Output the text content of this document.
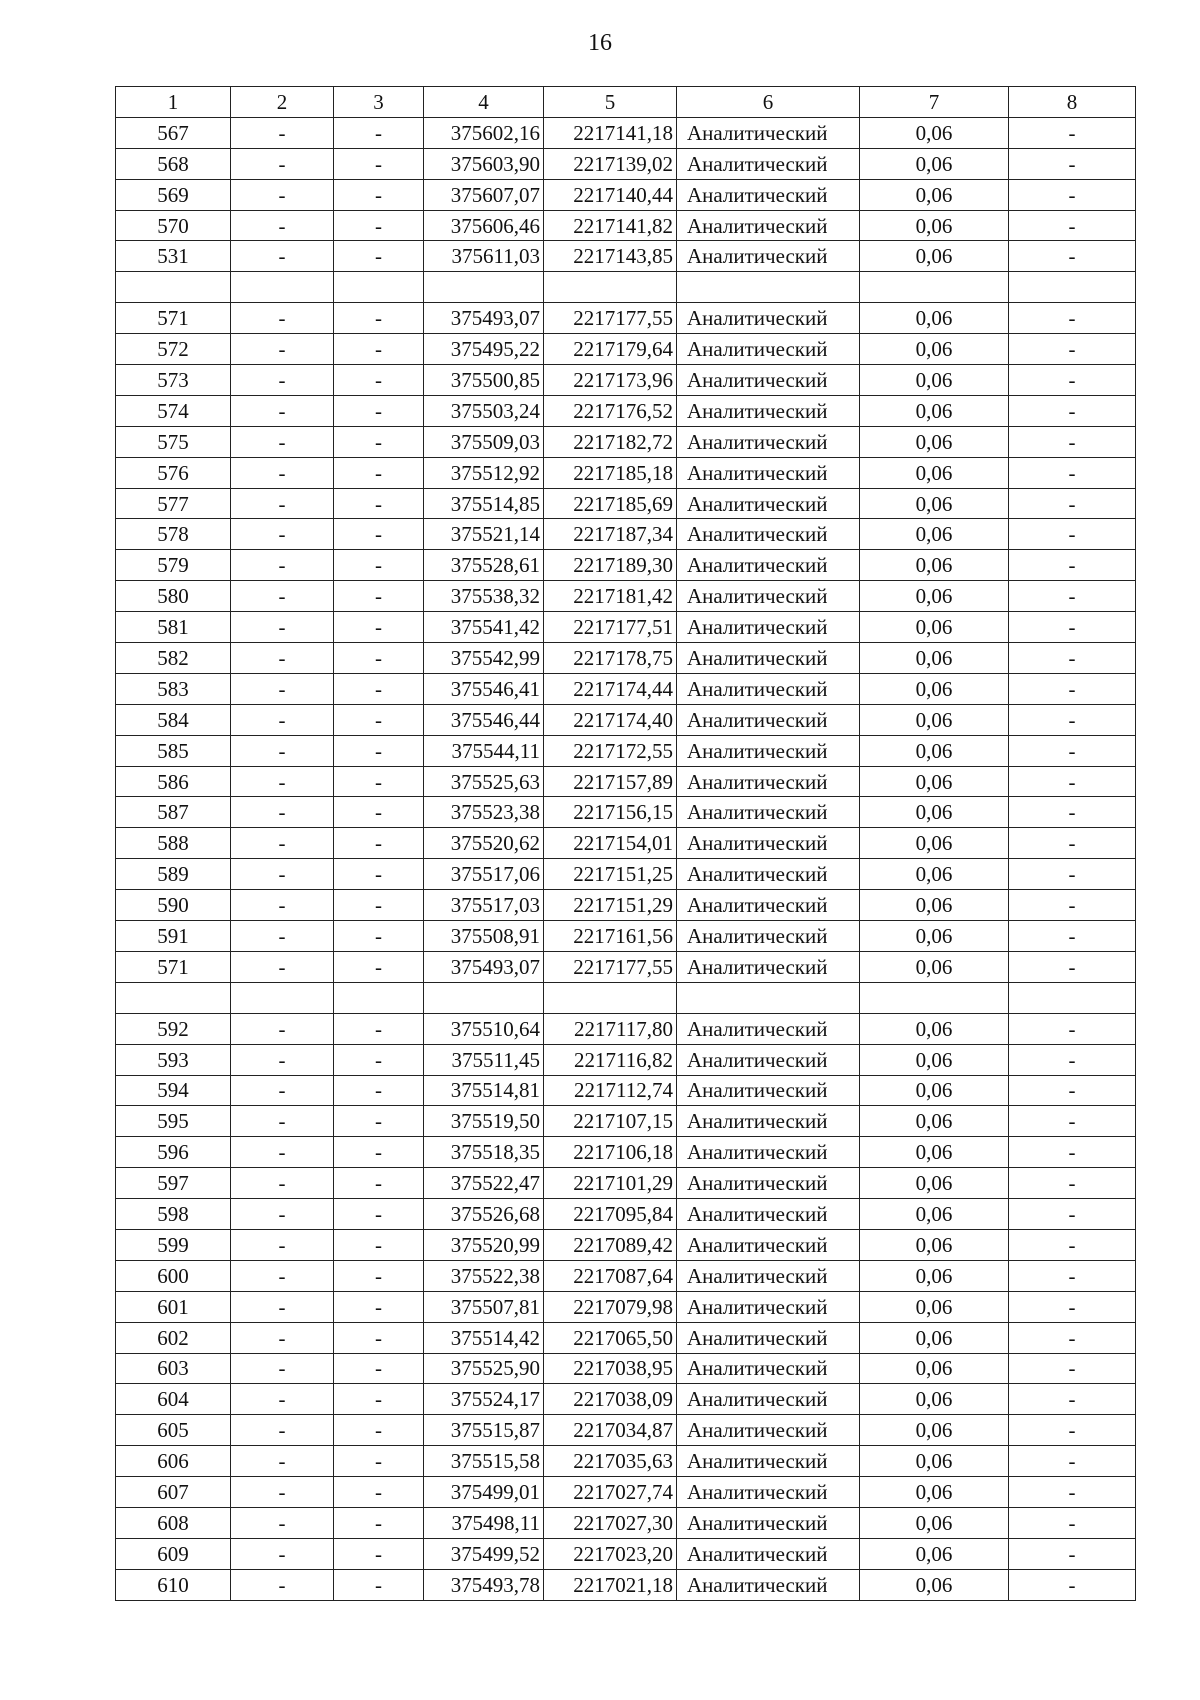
16
1	2	3	4	5	6	7	8
567	-	-	375602,16	2217141,18	Аналитический	0,06	-
568	-	-	375603,90	2217139,02	Аналитический	0,06	-
569	-	-	375607,07	2217140,44	Аналитический	0,06	-
570	-	-	375606,46	2217141,82	Аналитический	0,06	-
531	-	-	375611,03	2217143,85	Аналитический	0,06	-

571	-	-	375493,07	2217177,55	Аналитический	0,06	-
572	-	-	375495,22	2217179,64	Аналитический	0,06	-
573	-	-	375500,85	2217173,96	Аналитический	0,06	-
574	-	-	375503,24	2217176,52	Аналитический	0,06	-
575	-	-	375509,03	2217182,72	Аналитический	0,06	-
576	-	-	375512,92	2217185,18	Аналитический	0,06	-
577	-	-	375514,85	2217185,69	Аналитический	0,06	-
578	-	-	375521,14	2217187,34	Аналитический	0,06	-
579	-	-	375528,61	2217189,30	Аналитический	0,06	-
580	-	-	375538,32	2217181,42	Аналитический	0,06	-
581	-	-	375541,42	2217177,51	Аналитический	0,06	-
582	-	-	375542,99	2217178,75	Аналитический	0,06	-
583	-	-	375546,41	2217174,44	Аналитический	0,06	-
584	-	-	375546,44	2217174,40	Аналитический	0,06	-
585	-	-	375544,11	2217172,55	Аналитический	0,06	-
586	-	-	375525,63	2217157,89	Аналитический	0,06	-
587	-	-	375523,38	2217156,15	Аналитический	0,06	-
588	-	-	375520,62	2217154,01	Аналитический	0,06	-
589	-	-	375517,06	2217151,25	Аналитический	0,06	-
590	-	-	375517,03	2217151,29	Аналитический	0,06	-
591	-	-	375508,91	2217161,56	Аналитический	0,06	-
571	-	-	375493,07	2217177,55	Аналитический	0,06	-

592	-	-	375510,64	2217117,80	Аналитический	0,06	-
593	-	-	375511,45	2217116,82	Аналитический	0,06	-
594	-	-	375514,81	2217112,74	Аналитический	0,06	-
595	-	-	375519,50	2217107,15	Аналитический	0,06	-
596	-	-	375518,35	2217106,18	Аналитический	0,06	-
597	-	-	375522,47	2217101,29	Аналитический	0,06	-
598	-	-	375526,68	2217095,84	Аналитический	0,06	-
599	-	-	375520,99	2217089,42	Аналитический	0,06	-
600	-	-	375522,38	2217087,64	Аналитический	0,06	-
601	-	-	375507,81	2217079,98	Аналитический	0,06	-
602	-	-	375514,42	2217065,50	Аналитический	0,06	-
603	-	-	375525,90	2217038,95	Аналитический	0,06	-
604	-	-	375524,17	2217038,09	Аналитический	0,06	-
605	-	-	375515,87	2217034,87	Аналитический	0,06	-
606	-	-	375515,58	2217035,63	Аналитический	0,06	-
607	-	-	375499,01	2217027,74	Аналитический	0,06	-
608	-	-	375498,11	2217027,30	Аналитический	0,06	-
609	-	-	375499,52	2217023,20	Аналитический	0,06	-
610	-	-	375493,78	2217021,18	Аналитический	0,06	-
